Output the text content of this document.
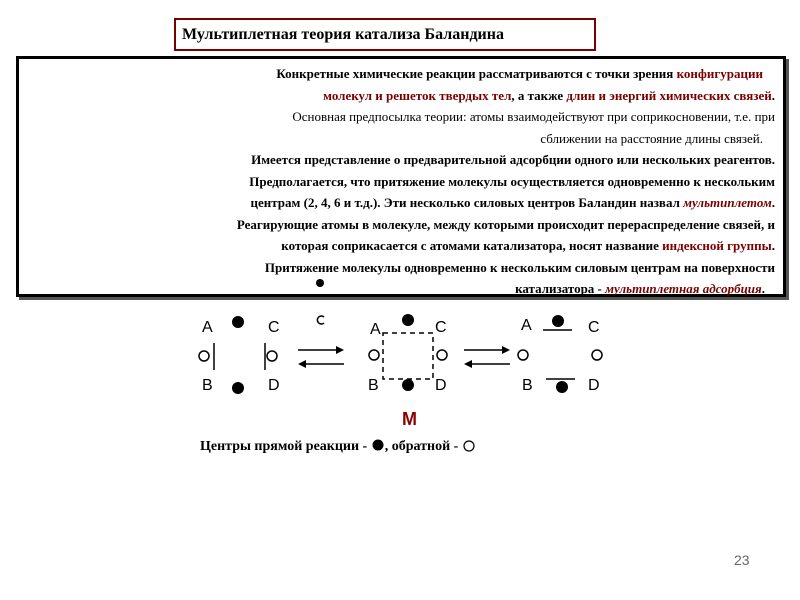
Мультиплетная теория катализа Баландина
Конкретные химические реакции рассматриваются с точки зрения конфигурации
молекул и решеток твердых тел, а также длин и энергий химических связей.
Основная предпосылка теории: атомы взаимодействуют при соприкосновении, т.е. при
сближении на расстояние длины связей.
Имеется представление о предварительной адсорбции одного или нескольких реагентов.
Предполагается, что притяжение молекулы осуществляется одновременно к нескольким
центрам (2, 4, 6 и т.д.). Эти несколько силовых центров Баландин назвал мультиплетом.
Реагирующие атомы в молекуле, между которыми происходит перераспределение связей, и
которая соприкасается с атомами катализатора, носят название индексной группы.
Притяжение молекулы одновременно к нескольким силовым центрам на поверхности
катализатора - мультиплетная адсорбция.
A	C
B	D
A	C
B	D
A	C
B	D
M
Центры прямой реакции - , обратной -
23
